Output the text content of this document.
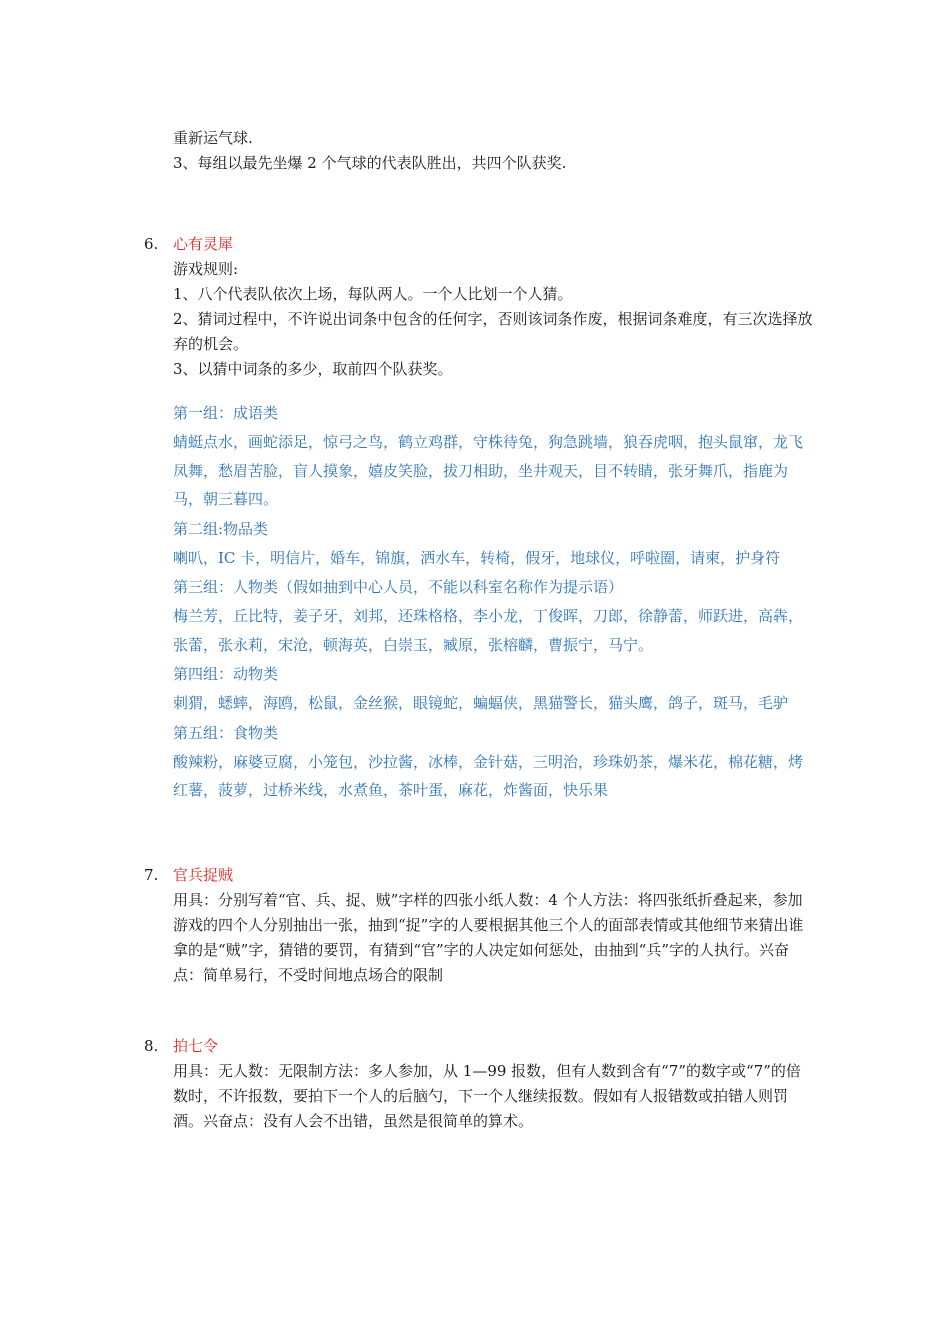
重新运气球.

3、每组以最先坐爆 2 个气球的代表队胜出，共四个队获奖.

6. 心有灵犀

游戏规则:

1、八个代表队依次上场，每队两人。一个人比划一个人猜。

2、猜词过程中，不许说出词条中包含的任何字，否则该词条作废，根据词条难度，有三次选择放弃的机会。

3、以猜中词条的多少，取前四个队获奖。

第一组：成语类

蜻蜓点水，画蛇添足，惊弓之鸟，鹤立鸡群，守株待兔，狗急跳墙，狼吞虎咽，抱头鼠窜，龙飞凤舞，愁眉苦脸，盲人摸象，嬉皮笑脸，拔刀相助，坐井观天，目不转睛，张牙舞爪，指鹿为马，朝三暮四。

第二组:物品类

喇叭，IC 卡，明信片，婚车，锦旗，洒水车，转椅，假牙，地球仪，呼啦圈，请柬，护身符

第三组：人物类（假如抽到中心人员，不能以科室名称作为提示语）

梅兰芳，丘比特，姜子牙，刘邦，还珠格格，李小龙，丁俊晖，刀郎，徐静蕾，师跃进，高犇，张蕾，张永莉，宋沧，顿海英，白崇玉，臧原，张榕麟，曹振宁，马宁。

第四组：动物类

刺猬，蟋蟀，海鸥，松鼠，金丝猴，眼镜蛇，蝙蝠侠，黑猫警长，猫头鹰，鸽子，斑马，毛驴

第五组：食物类

酸辣粉，麻婆豆腐，小笼包，沙拉酱，冰棒，金针菇，三明治，珍珠奶茶，爆米花，棉花糖，烤红薯，菠萝，过桥米线，水煮鱼，茶叶蛋，麻花，炸酱面，快乐果

7. 官兵捉贼

用具：分别写着“官、兵、捉、贼”字样的四张小纸人数：4 个人方法：将四张纸折叠起来，参加游戏的四个人分别抽出一张，抽到“捉”字的人要根据其他三个人的面部表情或其他细节来猜出谁拿的是“贼”字，猜错的要罚，有猜到“官”字的人决定如何惩处，由抽到“兵”字的人执行。兴奋点：简单易行，不受时间地点场合的限制

8. 拍七令

用具：无人数：无限制方法：多人参加，从 1—99 报数，但有人数到含有“7”的数字或“7”的倍数时，不许报数，要拍下一个人的后脑勺，下一个人继续报数。假如有人报错数或拍错人则罚酒。兴奋点：没有人会不出错，虽然是很简单的算术。
